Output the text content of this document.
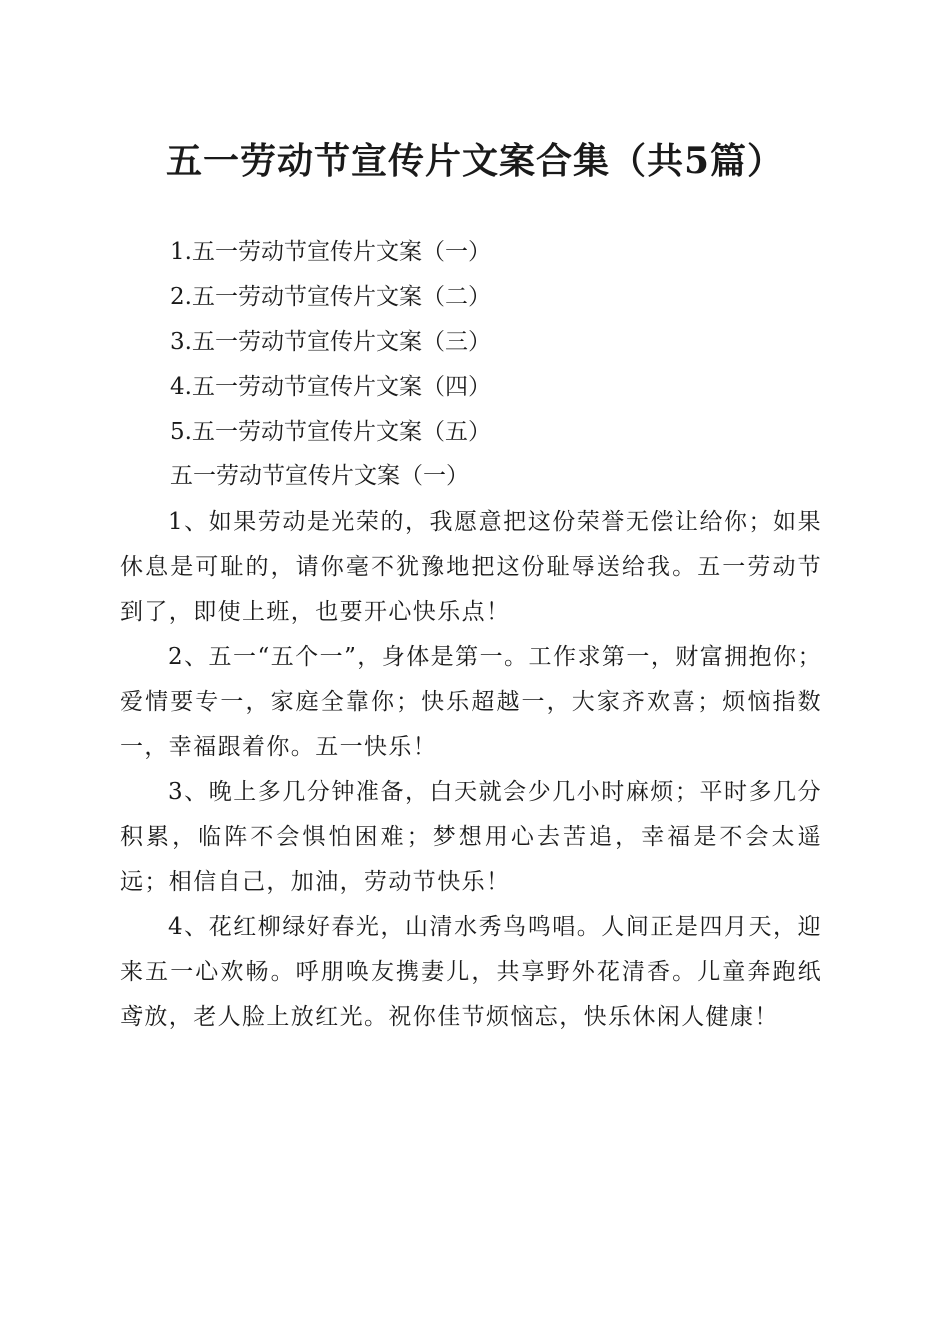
五一劳动节宣传片文案合集（共5篇）
1.五一劳动节宣传片文案（一）
2.五一劳动节宣传片文案（二）
3.五一劳动节宣传片文案（三）
4.五一劳动节宣传片文案（四）
5.五一劳动节宣传片文案（五）
五一劳动节宣传片文案（一）

1、如果劳动是光荣的，我愿意把这份荣誉无偿让给你；如果休息是可耻的，请你毫不犹豫地把这份耻辱送给我。五一劳动节到了，即使上班，也要开心快乐点！

2、五一“五个一”，身体是第一。工作求第一，财富拥抱你；爱情要专一，家庭全靠你；快乐超越一，大家齐欢喜；烦恼指数一，幸福跟着你。五一快乐！

3、晚上多几分钟准备，白天就会少几小时麻烦；平时多几分积累，临阵不会惧怕困难；梦想用心去苦追，幸福是不会太遥远；相信自己，加油，劳动节快乐！

4、花红柳绿好春光，山清水秀鸟鸣唱。人间正是四月天，迎来五一心欢畅。呼朋唤友携妻儿，共享野外花清香。儿童奔跑纸鸢放，老人脸上放红光。祝你佳节烦恼忘，快乐休闲人健康！
